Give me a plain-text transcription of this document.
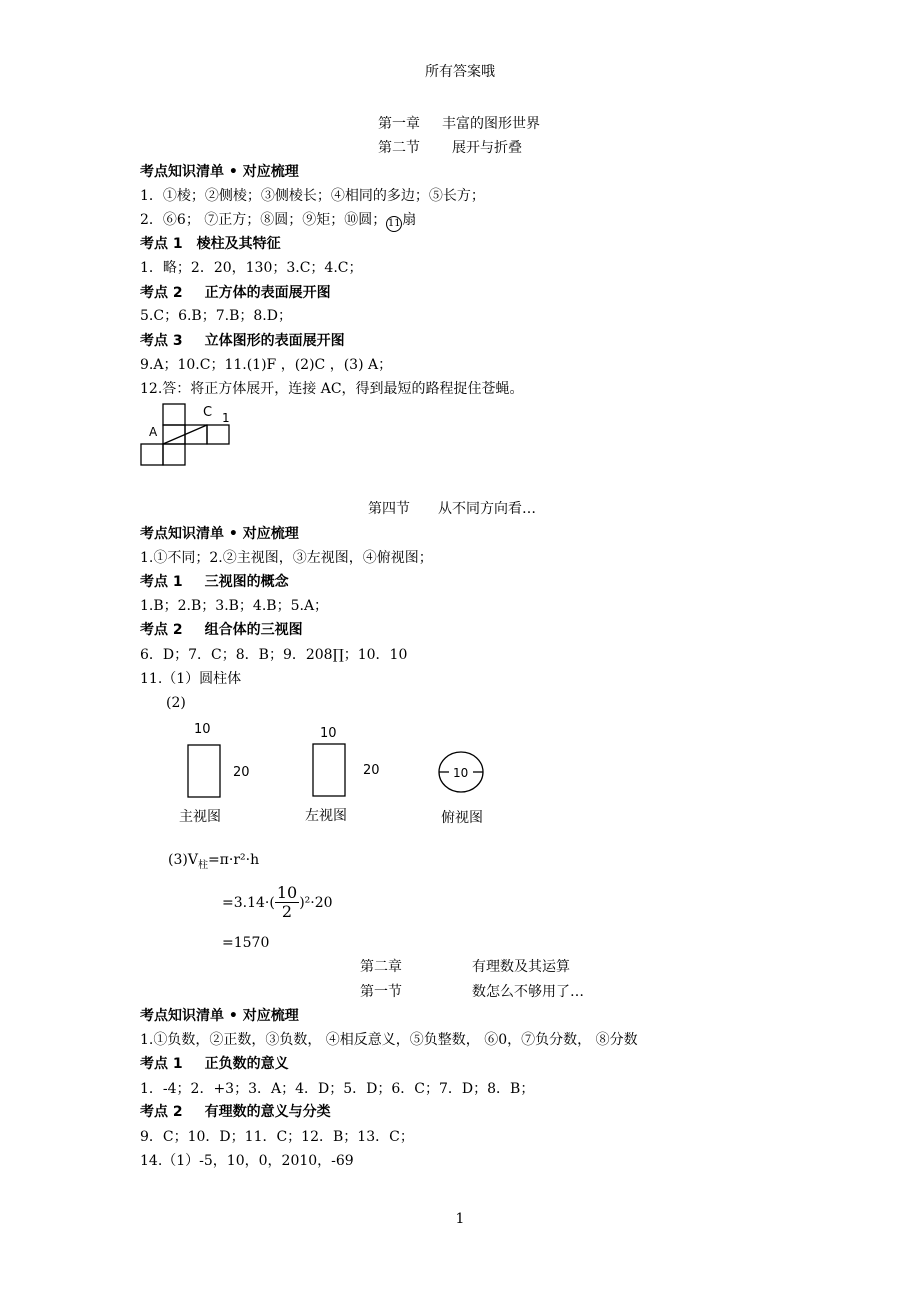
所有答案哦
第一章 丰富的图形世界
第二节 展开与折叠
考点知识清单 • 对应梳理
1．①棱；②侧棱；③侧棱长；④相同的多边；⑤长方；
2．⑥6； ⑦正方；⑧圆；⑨矩；⑩圆； 11 扇
考点 1 棱柱及其特征
1．略；2．20，130；3.C；4.C；
考点 2 正方体的表面展开图
5.C；6.B；7.B；8.D；
考点 3 立体图形的表面展开图
9.A；10.C；11.(1)F ，(2)C ，(3) A；
12.答：将正方体展开，连接 AC，得到最短的路程捉住苍蝇。
A
C 1
第四节 从不同方向看…
考点知识清单 • 对应梳理
1.①不同；2.②主视图，③左视图，④俯视图；
考点 1 三视图的概念
1.B；2.B；3.B；4.B；5.A；
考点 2 组合体的三视图
6．D；7．C；8．B；9．208∏；10．10
11.（1）圆柱体
(2)
10
20
10
20	10
主视图	左视图	俯视图
$(3)V_柱=\pi\cdot r^2\cdot h$
$=3.14\cdot( \frac{10}{2} )^2\cdot 20$
=1570
第二章	有理数及其运算
第一节	数怎么不够用了…
考点知识清单 • 对应梳理
1.①负数，②正数，③负数， ④相反意义，⑤负整数， ⑥0，⑦负分数， ⑧分数
考点 1 正负数的意义
1．-4；2．+3；3．A；4．D；5．D；6．C；7．D；8．B；
考点 2 有理数的意义与分类
9．C；10．D；11．C；12．B；13．C；
14.（1）-5，10，0，2010，-69
1
